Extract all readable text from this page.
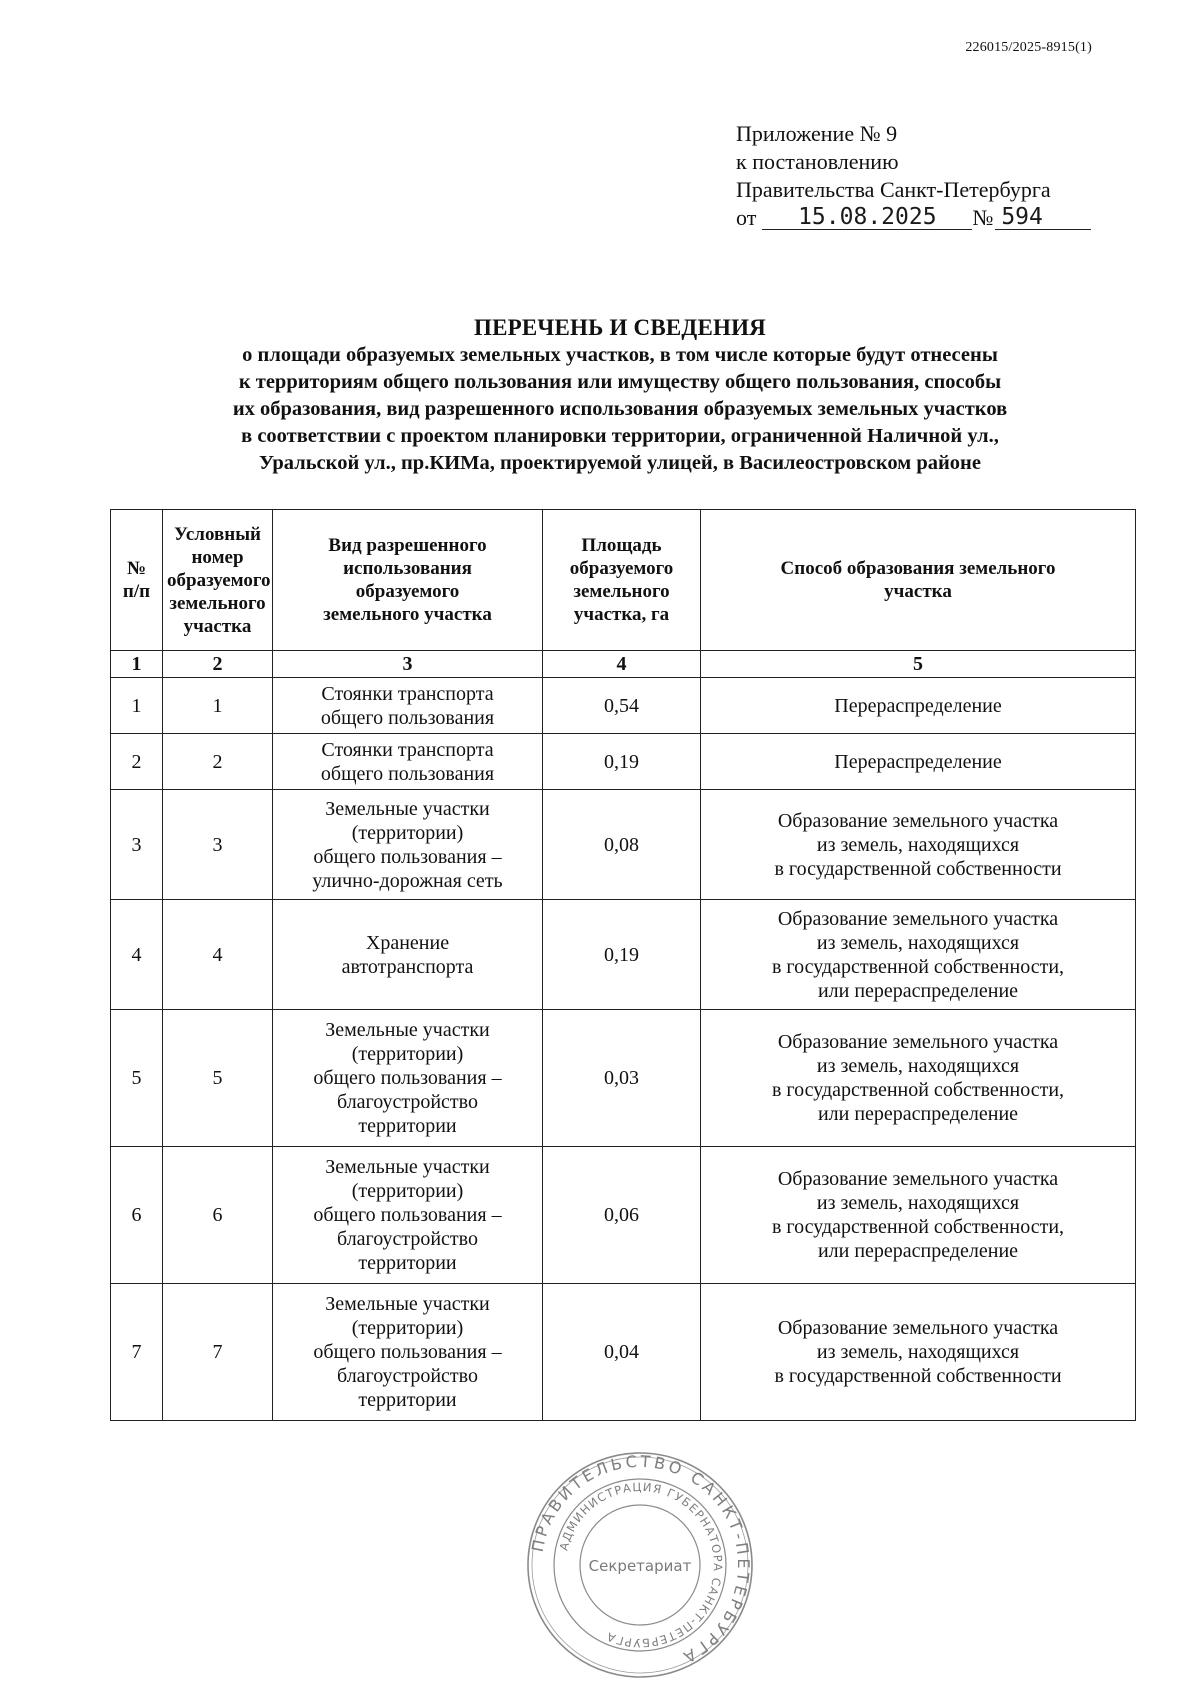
226015/2025-8915(1)
Приложение № 9
к постановлению
Правительства Санкт-Петербурга
от	15.08.2025	№ 594
ПЕРЕЧЕНЬ И СВЕДЕНИЯ
о площади образуемых земельных участков, в том числе которые будут отнесены
к территориям общего пользования или имуществу общего пользования, способы
их образования, вид разрешенного использования образуемых земельных участков
в соответствии с проектом планировки территории, ограниченной Наличной ул.,
Уральской ул., пр.КИМа, проектируемой улицей, в Василеостровском районе
№
п/п	Условный
номер
образуемого
земельного
участка	Вид разрешенного
использования
образуемого
земельного участка	Площадь
образуемого
земельного
участка, га	Способ образования земельного
участка
1	2	3	4	5
1	1	Стоянки транспорта
общего пользования	0,54	Перераспределение
2	2	Стоянки транспорта
общего пользования	0,19	Перераспределение
3	3	Земельные участки
(территории)
общего пользования –
улично-дорожная сеть	0,08	Образование земельного участка
из земель, находящихся
в государственной собственности
4	4	Хранение
автотранспорта	0,19	Образование земельного участка
из земель, находящихся
в государственной собственности,
или перераспределение
5	5	Земельные участки
(территории)
общего пользования –
благоустройство
территории	0,03	Образование земельного участка
из земель, находящихся
в государственной собственности,
или перераспределение
6	6	Земельные участки
(территории)
общего пользования –
благоустройство
территории	0,06	Образование земельного участка
из земель, находящихся
в государственной собственности,
или перераспределение
7	7	Земельные участки
(территории)
общего пользования –
благоустройство
территории	0,04	Образование земельного участка
из земель, находящихся
в государственной собственности
ПРАВИТЕЛЬСТВО САНКТ-ПЕТЕРБУРГА
АДМИНИСТРАЦИЯ ГУБЕРНАТОРА САНКТ-ПЕТЕРБУРГА
Секретариат
